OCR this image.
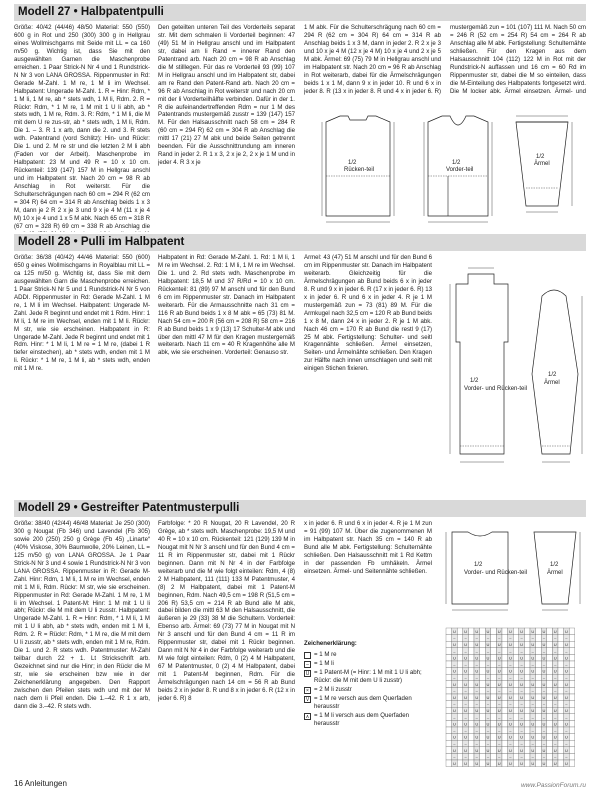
Modell 27 • Halbpatentpulli
Größe: 40/42 (44/46) 48/50 Material: 550 (550) 600 g in Rot und 250 (300) 300 g in Hellgrau eines Wollmischgarns mit Seide mit LL = ca 160 m/50 g. Wichtig ist, dass Sie mit den ausgewählten Garnen die Maschenprobe erreichen. 1 Paar Strick-N Nr 4 und 1 Rundstrick-N Nr 3 von LANA GROSSA. Rippenmuster in Rd: Gerade M-Zahl. 1 M re, 1 M li im Wechsel. Halbpatent: Ungerade M-Zahl. 1. R = Hinr: Rdm, * 1 M li, 1 M re, ab * stets wdh, 1 M li, Rdm. 2. R = Rückr: Rdm, * 1 M re, 1 M mit 1 U li abh, ab * stets wdh, 1 M re, Rdm. 3. R: Rdm, * 1 M li, die M mit dem U re zus-str, ab * stets wdh, 1 M li, Rdm. Die 1. – 3. R 1 x arb, dann die 2. und 3. R stets wdh. Patentrand (vord Schlitz): Hin- und Rückr: Die 1. und 2. M re str und die letzten 2 M li abh (Faden vor der Arbeit). Maschenprobe im Halbpatent: 23 M und 49 R = 10 x 10 cm. Rückenteil: 139 (147) 157 M in Hellgrau anschl und im Halbpatent str. Nach 20 cm = 98 R ab Anschlag in Rot weiterstr. Für die Schulterschrägungen nach 60 cm = 294 R (62 cm = 304 R) 64 cm = 314 R ab Anschlag beids 1 x 3 M, dann je 2 R 2 x je 3 und 9 x je 4 M (11 x je 4 M) 10 x je 4 und 1 x 5 M abk. Nach 65 cm = 318 R (67 cm = 328 R) 69 cm = 338 R ab Anschlag die
Den geteilten unteren Teil des Vorderteils separat str. Mit dem schmalen li Vorderteil beginnen: 47 (49) 51 M in Hellgrau anschl und im Halbpatent str, dabei am li Rand = innerer Rand den Patentrand arb. Nach 20 cm = 98 R ab Anschlag die M stilllegen. Für das re Vorderteil 93 (99) 107 M in Hellgrau anschl und im Halbpatent str, dabei am re Rand den Patent-Rand arb. Nach 20 cm = 96 R ab Anschlag in Rot weiterstr und nach 20 cm mit der li Vorderteilhälfte verbinden. Dafür in der 1. R die aufeinandertreffenden Rdm = nur 1 M des Patentrands mustergemäß zusstr = 139 (147) 157 M. Für den Halsausschnitt nach 58 cm = 284 R (60 cm = 294 R) 62 cm = 304 R ab Anschlag die mittl 17 (21) 27 M abk und beide Seiten getrennt beenden. Für die Ausschnittrundung am inneren Rand in jeder 2. R 1 x 3, 2 x je 2, 2 x je 1 M und in jeder 4. R 3 x je
1 M abk. Für die Schulterschrägung nach 60 cm = 294 R (62 cm = 304 R) 64 cm = 314 R ab Anschlag beids 1 x 3 M, dann in jeder 2. R 2 x je 3 und 10 x je 4 M (12 x je 4 M) 10 x je 4 und 2 x je 5 M abk. Ärmel: 69 (75) 79 M in Hellgrau anschl und im Halbpatent str. Nach 20 cm = 96 R ab Anschlag in Rot weiterarb, dabei für die Ärmelschrägungen beids 1 x 1 M, dann 9 x in jeder 10. R und 6 x in jeder 8. R (13 x in jeder 8. R und 4 x in jeder 6. R)
mustergemäß zun = 101 (107) 111 M. Nach 50 cm = 246 R (52 cm = 254 R) 54 cm = 264 R ab Anschlag alle M abk. Fertigstellung: Schulternähte schließen. Für den Kragen aus dem Halsausschnitt 104 (112) 122 M in Rot mit der Rundstrick-N auffassen und 16 cm = 60 Rd im Rippenmuster str, dabei die M so einteilen, dass die M-Einteilung des Halbpatents fortgesetzt wird. Die M locker abk. Ärmel einsetzen. Ärmel- und
1/2
Rücken-teil
1/2
Vorder-teil
1/2
Ärmel
Modell 28 • Pulli im Halbpatent
Größe: 36/38 (40/42) 44/46 Material: 550 (600) 650 g eines Wollmischgarns in Royalblau mit LL = ca 125 m/50 g. Wichtig ist, dass Sie mit dem ausgewählten Garn die Maschenprobe erreichen. 1 Paar Strick-N Nr 5 und 1 Rundstrick-N Nr 5 von ADDI. Rippenmuster in Rd: Gerade M-Zahl. 1 M re, 1 M li im Wechsel. Halbpatent: Ungerade M-Zahl. Jede R beginnt und endet mit 1 Rdm. Hinr: 1 M li, 1 M re im Wechsel, enden mit 1 M li. Rückr: M str, wie sie erscheinen. Halbpatent in R: Ungerade M-Zahl. Jede R beginnt und endet mit 1 Rdm. Hinr: * 1 M li, 1 M re = 1 M re, (dabei 1 R tiefer einstechen), ab * stets wdh, enden mit 1 M li. Rückr: * 1 M re, 1 M li, ab * stets wdh, enden mit 1 M re.
Halbpatent in Rd: Gerade M-Zahl. 1. Rd: 1 M li, 1 M re im Wechsel. 2. Rd: 1 M li, 1 M re im Wechsel. Die 1. und 2. Rd stets wdh. Maschenprobe im Halbpatent: 18,5 M und 37 R/Rd = 10 x 10 cm. Rückenteil: 81 (89) 97 M anschl und für den Bund 6 cm im Rippenmuster str. Danach im Halbpatent weiterarb. Für die Armausschnitte nach 31 cm = 116 R ab Bund beids 1 x 8 M abk = 65 (73) 81 M. Nach 54 cm = 200 R (56 cm = 208 R) 58 cm = 216 R ab Bund beids 1 x 9 (13) 17 Schulter-M abk und über den mittl 47 M für den Kragen mustergemäß weiterarb. Nach 11 cm = 40 R Kragenhöhe alle M abk, wie sie erscheinen. Vorderteil: Genauso str.
Ärmel: 43 (47) 51 M anschl und für den Bund 6 cm im Rippenmuster str. Danach im Halbpatent weiterarb. Gleichzeitig für die Ärmelschrägungen ab Bund beids 6 x in jeder 8. R und 9 x in jeder 6. R (17 x in jeder 6. R) 13 x in jeder 6. R und 6 x in jeder 4. R je 1 M mustergemäß zun = 73 (81) 89 M. Für die Armkugel nach 32,5 cm = 120 R ab Bund beids 1 x 8 M, dann 24 x in jeder 2. R je 1 M abk. Nach 46 cm = 170 R ab Bund die restl 9 (17) 25 M abk. Fertigstellung: Schulter- und seitl Kragennähte schließen. Ärmel einsetzen, Seiten- und Ärmelnähte schließen. Den Kragen zur Hälfte nach innen umschlagen und seitl mit einigen Stichen fixieren.
1/2
Vorder- und Rücken-teil
1/2
Ärmel
Modell 29 • Gestreifter Patentmusterpulli
Größe: 38/40 (42/44) 46/48 Material: Je 250 (300) 300 g Nougat (Fb 346) und Lavendel (Fb 305) sowie 200 (250) 250 g Grège (Fb 45) „Linarte“ (40% Viskose, 30% Baumwolle, 20% Leinen, LL = 125 m/50 g) von LANA GROSSA. Je 1 Paar Strick-N Nr 3 und 4 sowie 1 Rundstrick-N Nr 3 von LANA GROSSA. Rippenmuster in R: Gerade M-Zahl. Hinr: Rdm, 1 M li, 1 M re im Wechsel, enden mit 1 M li, Rdm. Rückr: M str, wie sie erscheinen. Rippenmuster in Rd: Gerade M-Zahl. 1 M re, 1 M li im Wechsel. 1 Patent-M: Hinr: 1 M mit 1 U li abh; Rückr: die M mit dem U li zusstr. Halbpatent: Ungerade M-Zahl. 1. R = Hinr: Rdm, * 1 M li, 1 M mit 1 U li abh, ab * stets wdh, enden mit 1 M li, Rdm. 2. R = Rückr: Rdm, * 1 M re, die M mit dem U li zusstr, ab * stets wdh, enden mit 1 M re, Rdm. Die 1. und 2. R stets wdh. Patentmuster: M-Zahl teilbar durch 22 + 1. Lt Strickschrift arb. Gezeichnet sind nur die Hinr; in den Rückr die M str, wie sie erscheinen bzw wie in der Zeichenerklärung angegeben. Den Rapport zwischen den Pfeilen stets wdh und mit der M nach dem li Pfeil enden. Die 1.–42. R 1 x arb, dann die 3.–42. R stets wdh.
Farbfolge: * 20 R Nougat, 20 R Lavendel, 20 R Grège, ab * stets wdh. Maschenprobe: 19,5 M und 40 R = 10 x 10 cm. Rückenteil: 121 (129) 139 M in Nougat mit N Nr 3 anschl und für den Bund 4 cm = 11 R im Rippenmuster str, dabei mit 1 Rückr beginnen. Dann mit N Nr 4 in der Farbfolge weiterarb und die M wie folgt einteilen: Rdm, 4 (8) 2 M Halbpatent, 111 (111) 133 M Patentmuster, 4 (8) 2 M Halbpatent, dabei mit 1 Patent-M beginnen, Rdm. Nach 49,5 cm = 198 R (51,5 cm = 206 R) 53,5 cm = 214 R ab Bund alle M abk, dabei bilden die mittl 63 M den Halsausschnitt, die äußeren je 29 (33) 38 M die Schultern. Vorderteil: Ebenso arb. Ärmel: 69 (73) 77 M in Nougat mit N Nr 3 anschl und für den Bund 4 cm = 11 R im Rippenmuster str, dabei mit 1 Rückr beginnen. Dann mit N Nr 4 in der Farbfolge weiterarb und die M wie folgt einteilen: Rdm, 0 (2) 4 M Halbpatent, 67 M Patentmuster, 0 (2) 4 M Halbpatent, dabei mit 1 Patent-M beginnen, Rdm. Für die Ärmelschrägungen nach 14 cm = 56 R ab Bund beids 2 x in jeder 8. R und 8 x in jeder 6. R (12 x in jeder 6. R) 8
x in jeder 6. R und 6 x in jeder 4. R je 1 M zun = 91 (99) 107 M. Über die zugenommenen M im Halbpatent str. Nach 35 cm = 140 R ab Bund alle M abk. Fertigstellung: Schulternähte schließen. Den Halsausschnitt mit 1 Rd Kettm in der passenden Fb umhäkeln. Ärmel einsetzen. Ärmel- und Seitennähte schließen.
1/2
Vorder- und Rücken-teil
1/2
Ärmel
Zeichenerklärung:
= 1 M re
– = 1 M li
U = 1 Patent-M (= Hinr: 1 M mit 1 U li abh; Rückr: die M mit dem U li zusstr)
× = 2 M li zusstr
V = 1 M re versch aus dem Querfaden herausstr
∧ = 1 M li versch aus dem Querfaden herausstr
U U U U U U U U U U U
– – – – – – – – – – –
U U U U U U U U U U U
– – – – – – – – – – –
U U U U U U U U U U U
– – – – – – – – – – –
U U U U U U U U U U U
– – – – – – – – – – –
U U U U U U U U U U U
– – – – – – – – – – –
U U U U U U U U U U U
– – – – – – – – – – –
U U U U U U U U U U U
– – – – – – – – – – –
U U U U U U U U U U U
– – – – – – – – – – –
U U U U U U U U U U U
– – – – – – – – – – –
U U U U U U U U U U U
– – – – – – – – – – –
U U U U U U U U U U U
16 Anleitungen	www.PassionForum.ru
